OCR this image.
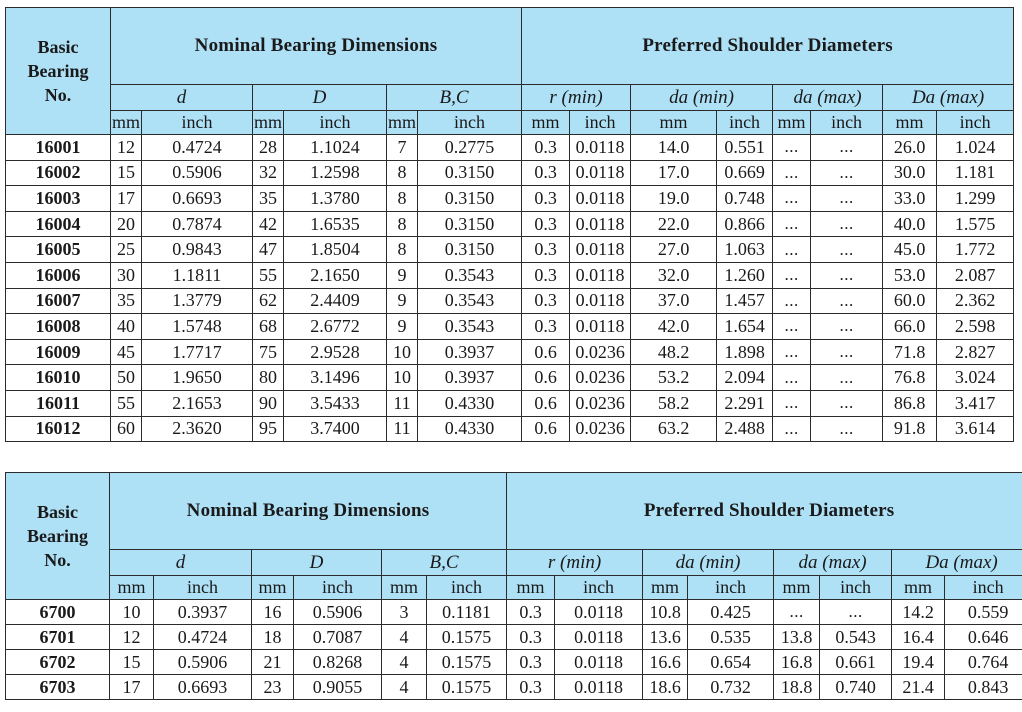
Basic
Bearing
No.	Nominal Bearing Dimensions						Preferred Shoulder Diameters							
	d		D		B,C		r (min)		da (min)		da (max)		Da (max)	
	mm	inch	mm	inch	mm	inch	mm	inch	mm	inch	mm	inch	mm	inch
16001	12	0.4724	28	1.1024	7	0.2775	0.3	0.0118	14.0	0.551	...	...	26.0	1.024
16002	15	0.5906	32	1.2598	8	0.3150	0.3	0.0118	17.0	0.669	...	...	30.0	1.181
16003	17	0.6693	35	1.3780	8	0.3150	0.3	0.0118	19.0	0.748	...	...	33.0	1.299
16004	20	0.7874	42	1.6535	8	0.3150	0.3	0.0118	22.0	0.866	...	...	40.0	1.575
16005	25	0.9843	47	1.8504	8	0.3150	0.3	0.0118	27.0	1.063	...	...	45.0	1.772
16006	30	1.1811	55	2.1650	9	0.3543	0.3	0.0118	32.0	1.260	...	...	53.0	2.087
16007	35	1.3779	62	2.4409	9	0.3543	0.3	0.0118	37.0	1.457	...	...	60.0	2.362
16008	40	1.5748	68	2.6772	9	0.3543	0.3	0.0118	42.0	1.654	...	...	66.0	2.598
16009	45	1.7717	75	2.9528	10	0.3937	0.6	0.0236	48.2	1.898	...	...	71.8	2.827
16010	50	1.9650	80	3.1496	10	0.3937	0.6	0.0236	53.2	2.094	...	...	76.8	3.024
16011	55	2.1653	90	3.5433	11	0.4330	0.6	0.0236	58.2	2.291	...	...	86.8	3.417
16012	60	2.3620	95	3.7400	11	0.4330	0.6	0.0236	63.2	2.488	...	...	91.8	3.614
Basic
Bearing
No.	Nominal Bearing Dimensions						Preferred Shoulder Diameters							
	d		D		B,C		r (min)		da (min)		da (max)		Da (max)	
	mm	inch	mm	inch	mm	inch	mm	inch	mm	inch	mm	inch	mm	inch
6700	10	0.3937	16	0.5906	3	0.1181	0.3	0.0118	10.8	0.425	...	...	14.2	0.559
6701	12	0.4724	18	0.7087	4	0.1575	0.3	0.0118	13.6	0.535	13.8	0.543	16.4	0.646
6702	15	0.5906	21	0.8268	4	0.1575	0.3	0.0118	16.6	0.654	16.8	0.661	19.4	0.764
6703	17	0.6693	23	0.9055	4	0.1575	0.3	0.0118	18.6	0.732	18.8	0.740	21.4	0.843
